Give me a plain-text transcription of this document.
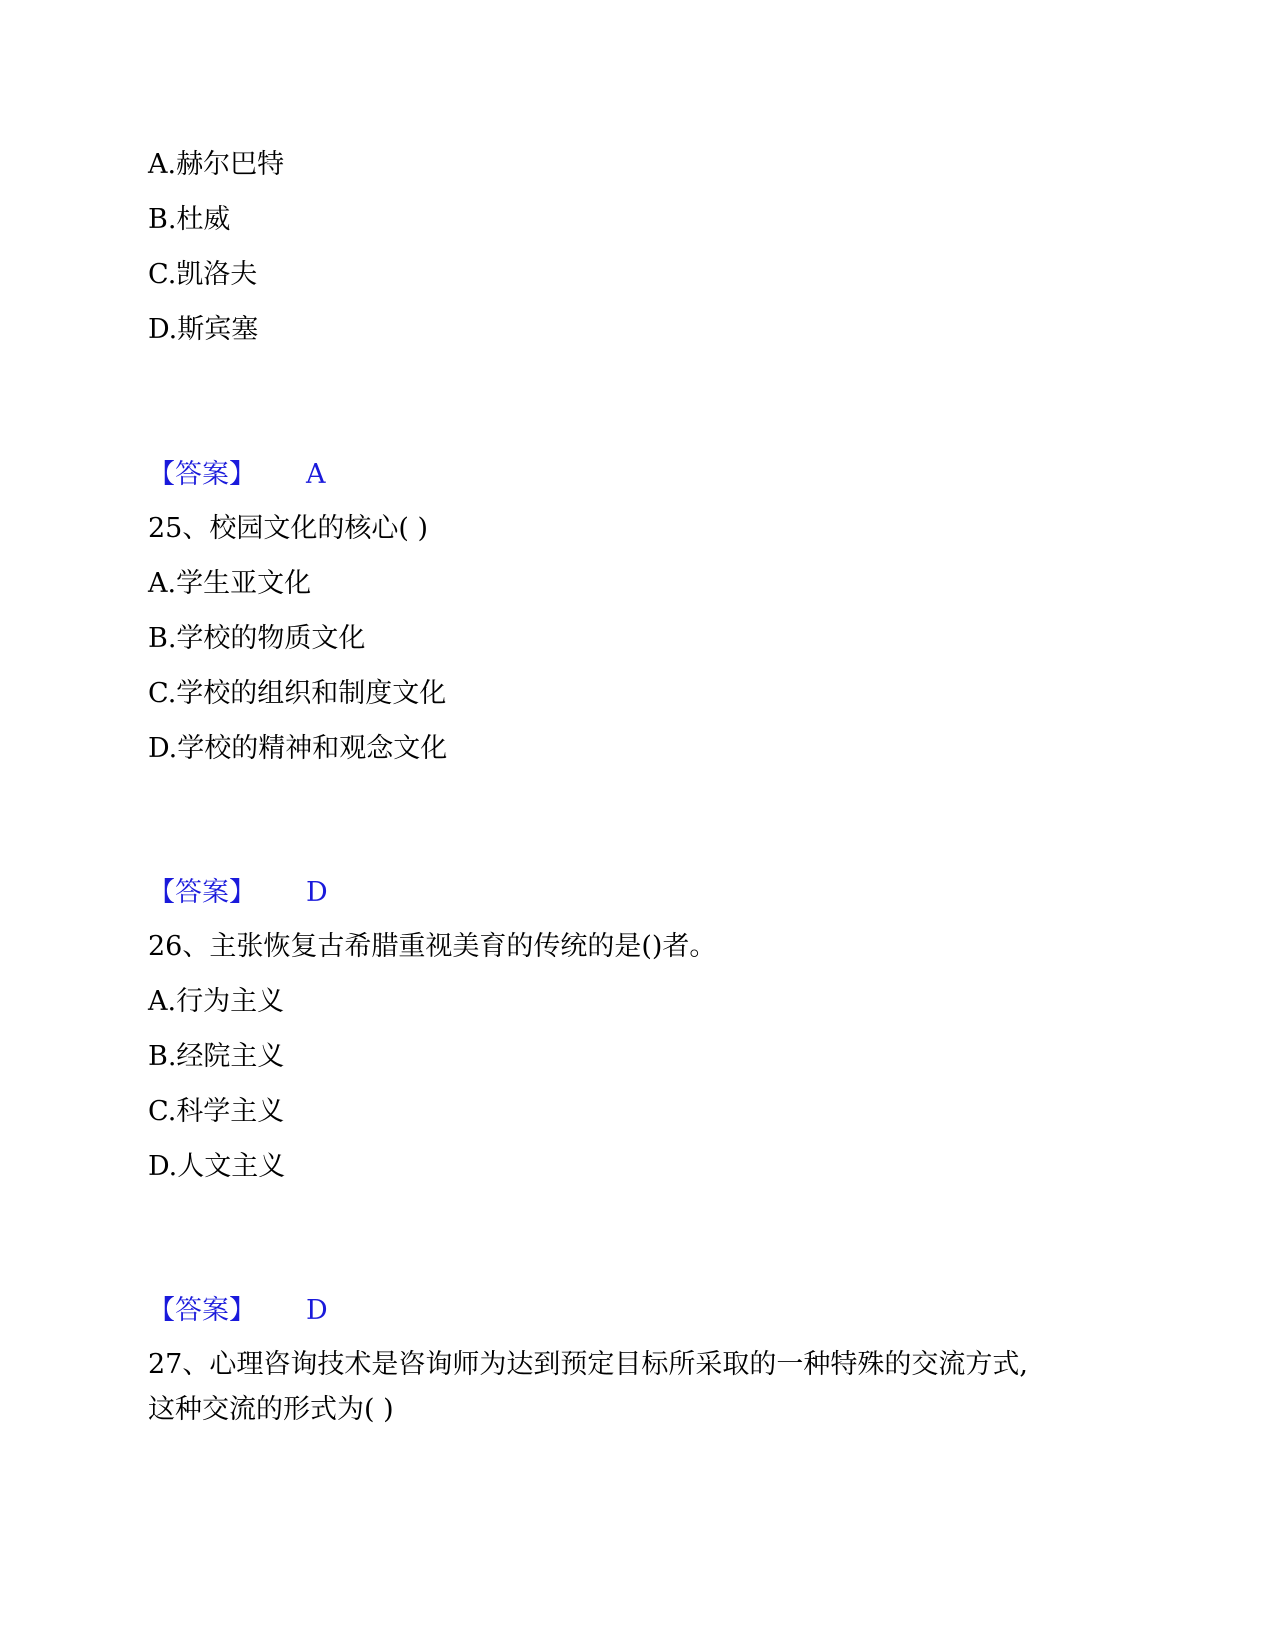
A.赫尔巴特
B.杜威
C.凯洛夫
D.斯宾塞
【答案】 A
25、校园文化的核心( )
A.学生亚文化
B.学校的物质文化
C.学校的组织和制度文化
D.学校的精神和观念文化
【答案】 D
26、主张恢复古希腊重视美育的传统的是()者。
A.行为主义
B.经院主义
C.科学主义
D.人文主义
【答案】 D
27、心理咨询技术是咨询师为达到预定目标所采取的一种特殊的交流方式,
这种交流的形式为( )
